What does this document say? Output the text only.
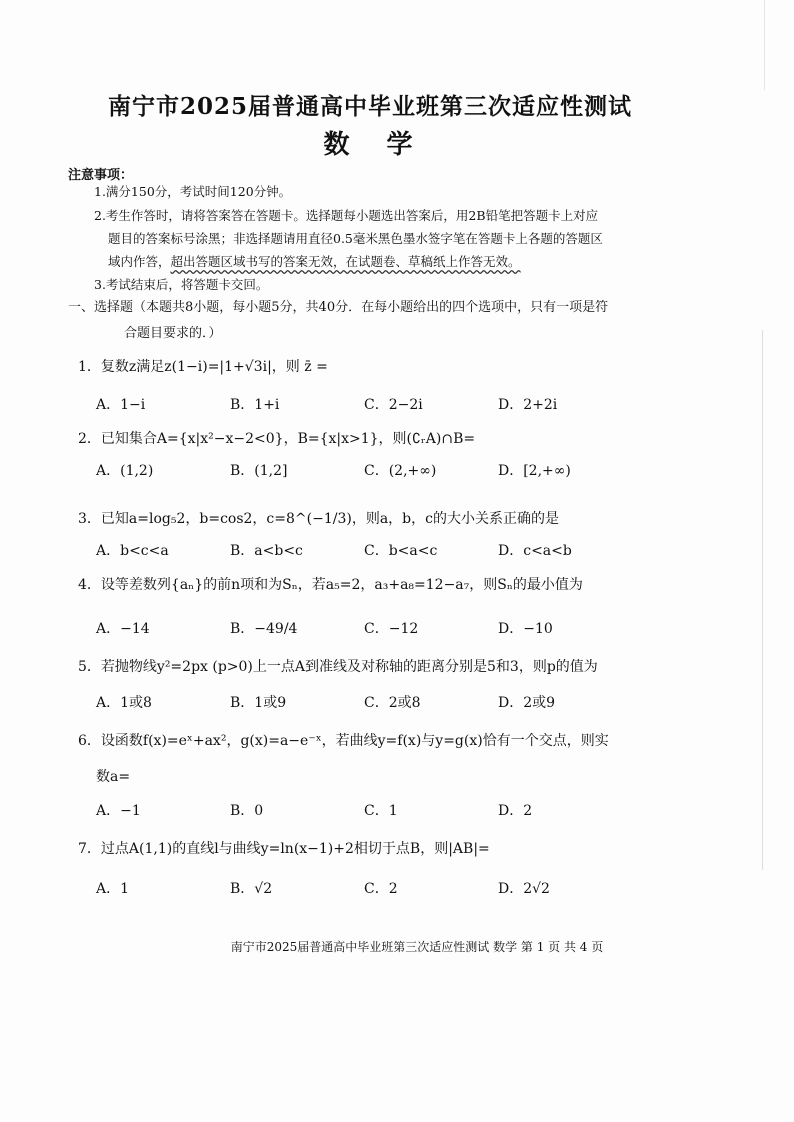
南宁市2025届普通高中毕业班第三次适应性测试
数 学
注意事项：
1.满分150分，考试时间120分钟。
2.考生作答时，请将答案答在答题卡。选择题每小题选出答案后，用2B铅笔把答题卡上对应
题目的答案标号涂黑；非选择题请用直径0.5毫米黑色墨水签字笔在答题卡上各题的答题区
域内作答，超出答题区域书写的答案无效，在试题卷、草稿纸上作答无效。
3.考试结束后，将答题卡交回。
一、选择题（本题共8小题，每小题5分，共40分．在每小题给出的四个选项中，只有一项是符
合题目要求的．）
1．复数z满足z(1−i)=|1+√3i|，则 z̄ =
A．1−i	B．1+i	C．2−2i	D．2+2i
2．已知集合A={x|x²−x−2<0}，B={x|x>1}，则(∁ᵣA)∩B=
A．(1,2)	B．(1,2]	C．(2,+∞)	D．[2,+∞)
3．已知a=log₅2，b=cos2，c=8^(−1/3)，则a，b，c的大小关系正确的是
A．b<c<a	B．a<b<c	C．b<a<c	D．c<a<b
4．设等差数列{aₙ}的前n项和为Sₙ，若a₅=2，a₃+a₈=12−a₇，则Sₙ的最小值为
A．−14	B．−49/4	C．−12	D．−10
5．若抛物线y²=2px (p>0)上一点A到准线及对称轴的距离分别是5和3，则p的值为
A．1或8	B．1或9	C．2或8	D．2或9
6．设函数f(x)=eˣ+ax²，g(x)=a−e⁻ˣ，若曲线y=f(x)与y=g(x)恰有一个交点，则实
数a=
A．−1	B．0	C．1	D．2
7．过点A(1,1)的直线l与曲线y=ln(x−1)+2相切于点B，则|AB|=
A．1	B．√2	C．2	D．2√2
南宁市2025届普通高中毕业班第三次适应性测试 数学 第 1 页 共 4 页
